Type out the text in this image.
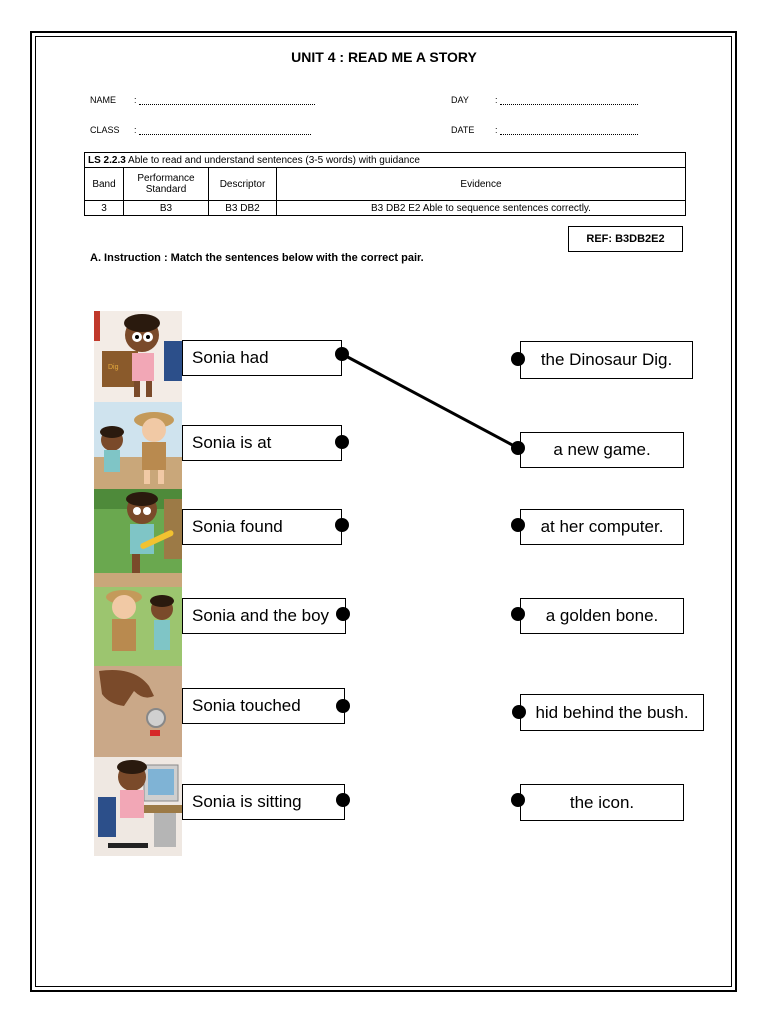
UNIT 4 : READ ME A STORY
NAME :
CLASS :
DAY	:
DATE :
LS 2.2.3 Able to read and understand sentences (3-5 words) with guidance			
Band	Performance Standard	Descriptor	Evidence
3	B3	B3 DB2	B3 DB2 E2 Able to sequence sentences correctly.
REF: B3DB2E2
A. Instruction : Match the sentences below with the correct pair.
Dig
Sonia had
Sonia is at
Sonia found
Sonia and the boy
Sonia touched
Sonia is sitting
the Dinosaur Dig.
a new game.
at her computer.
a golden bone.
hid behind the bush.
the icon.
